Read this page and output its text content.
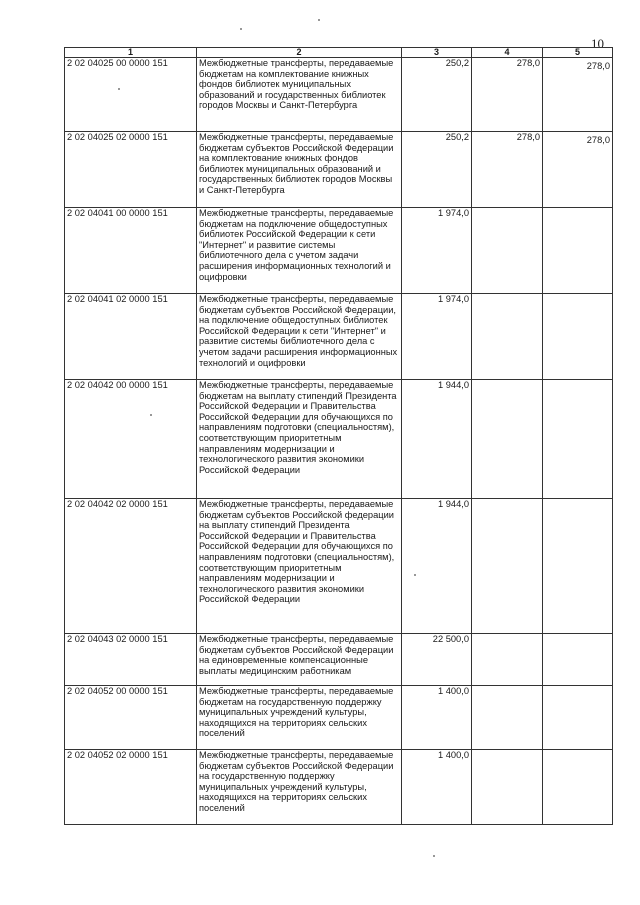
10
1	2	3	4	5
2 02 04025 00 0000 151	Межбюджетные трансферты, передаваемые бюджетам на комплектование книжных фондов библиотек муниципальных образований и государственных библиотек городов Москвы и Санкт-Петербурга	250,2	278,0	278,0
2 02 04025 02 0000 151	Межбюджетные трансферты, передаваемые бюджетам субъектов Российской Федерации на комплектование книжных фондов библиотек муниципальных образований и государственных библиотек городов Москвы и Санкт-Петербурга	250,2	278,0	278,0
2 02 04041 00 0000 151	Межбюджетные трансферты, передаваемые бюджетам на подключение общедоступных библиотек Российской Федерации к сети "Интернет" и развитие системы библиотечного дела с учетом задачи расширения информационных технологий и оцифровки	1 974,0		
2 02 04041 02 0000 151	Межбюджетные трансферты, передаваемые бюджетам субъектов Российской Федерации, на подключение общедоступных библиотек Российской Федерации к сети "Интернет" и развитие системы библиотечного дела с учетом задачи расширения информационных технологий и оцифровки	1 974,0		
2 02 04042 00 0000 151	Межбюджетные трансферты, передаваемые бюджетам на выплату стипендий Президента Российской Федерации и Правительства Российской Федерации для обучающихся по направлениям подготовки (специальностям), соответствующим приоритетным направлениям модернизации и технологического развития экономики Российской Федерации	1 944,0		
2 02 04042 02 0000 151	Межбюджетные трансферты, передаваемые бюджетам субъектов Российской федерации на выплату стипендий Президента Российской Федерации и Правительства Российской Федерации для обучающихся по направлениям подготовки (специальностям), соответствующим приоритетным направлениям модернизации и технологического развития экономики Российской Федерации	1 944,0		
2 02 04043 02 0000 151	Межбюджетные трансферты, передаваемые бюджетам субъектов Российской Федерации на единовременные компенсационные выплаты медицинским работникам	22 500,0		
2 02 04052 00 0000 151	Межбюджетные трансферты, передаваемые бюджетам на государственную поддержку муниципальных учреждений культуры, находящихся на территориях сельских поселений	1 400,0		
2 02 04052 02 0000 151	Межбюджетные трансферты, передаваемые бюджетам субъектов Российской Федерации на государственную поддержку муниципальных учреждений культуры, находящихся на территориях сельских поселений	1 400,0		
